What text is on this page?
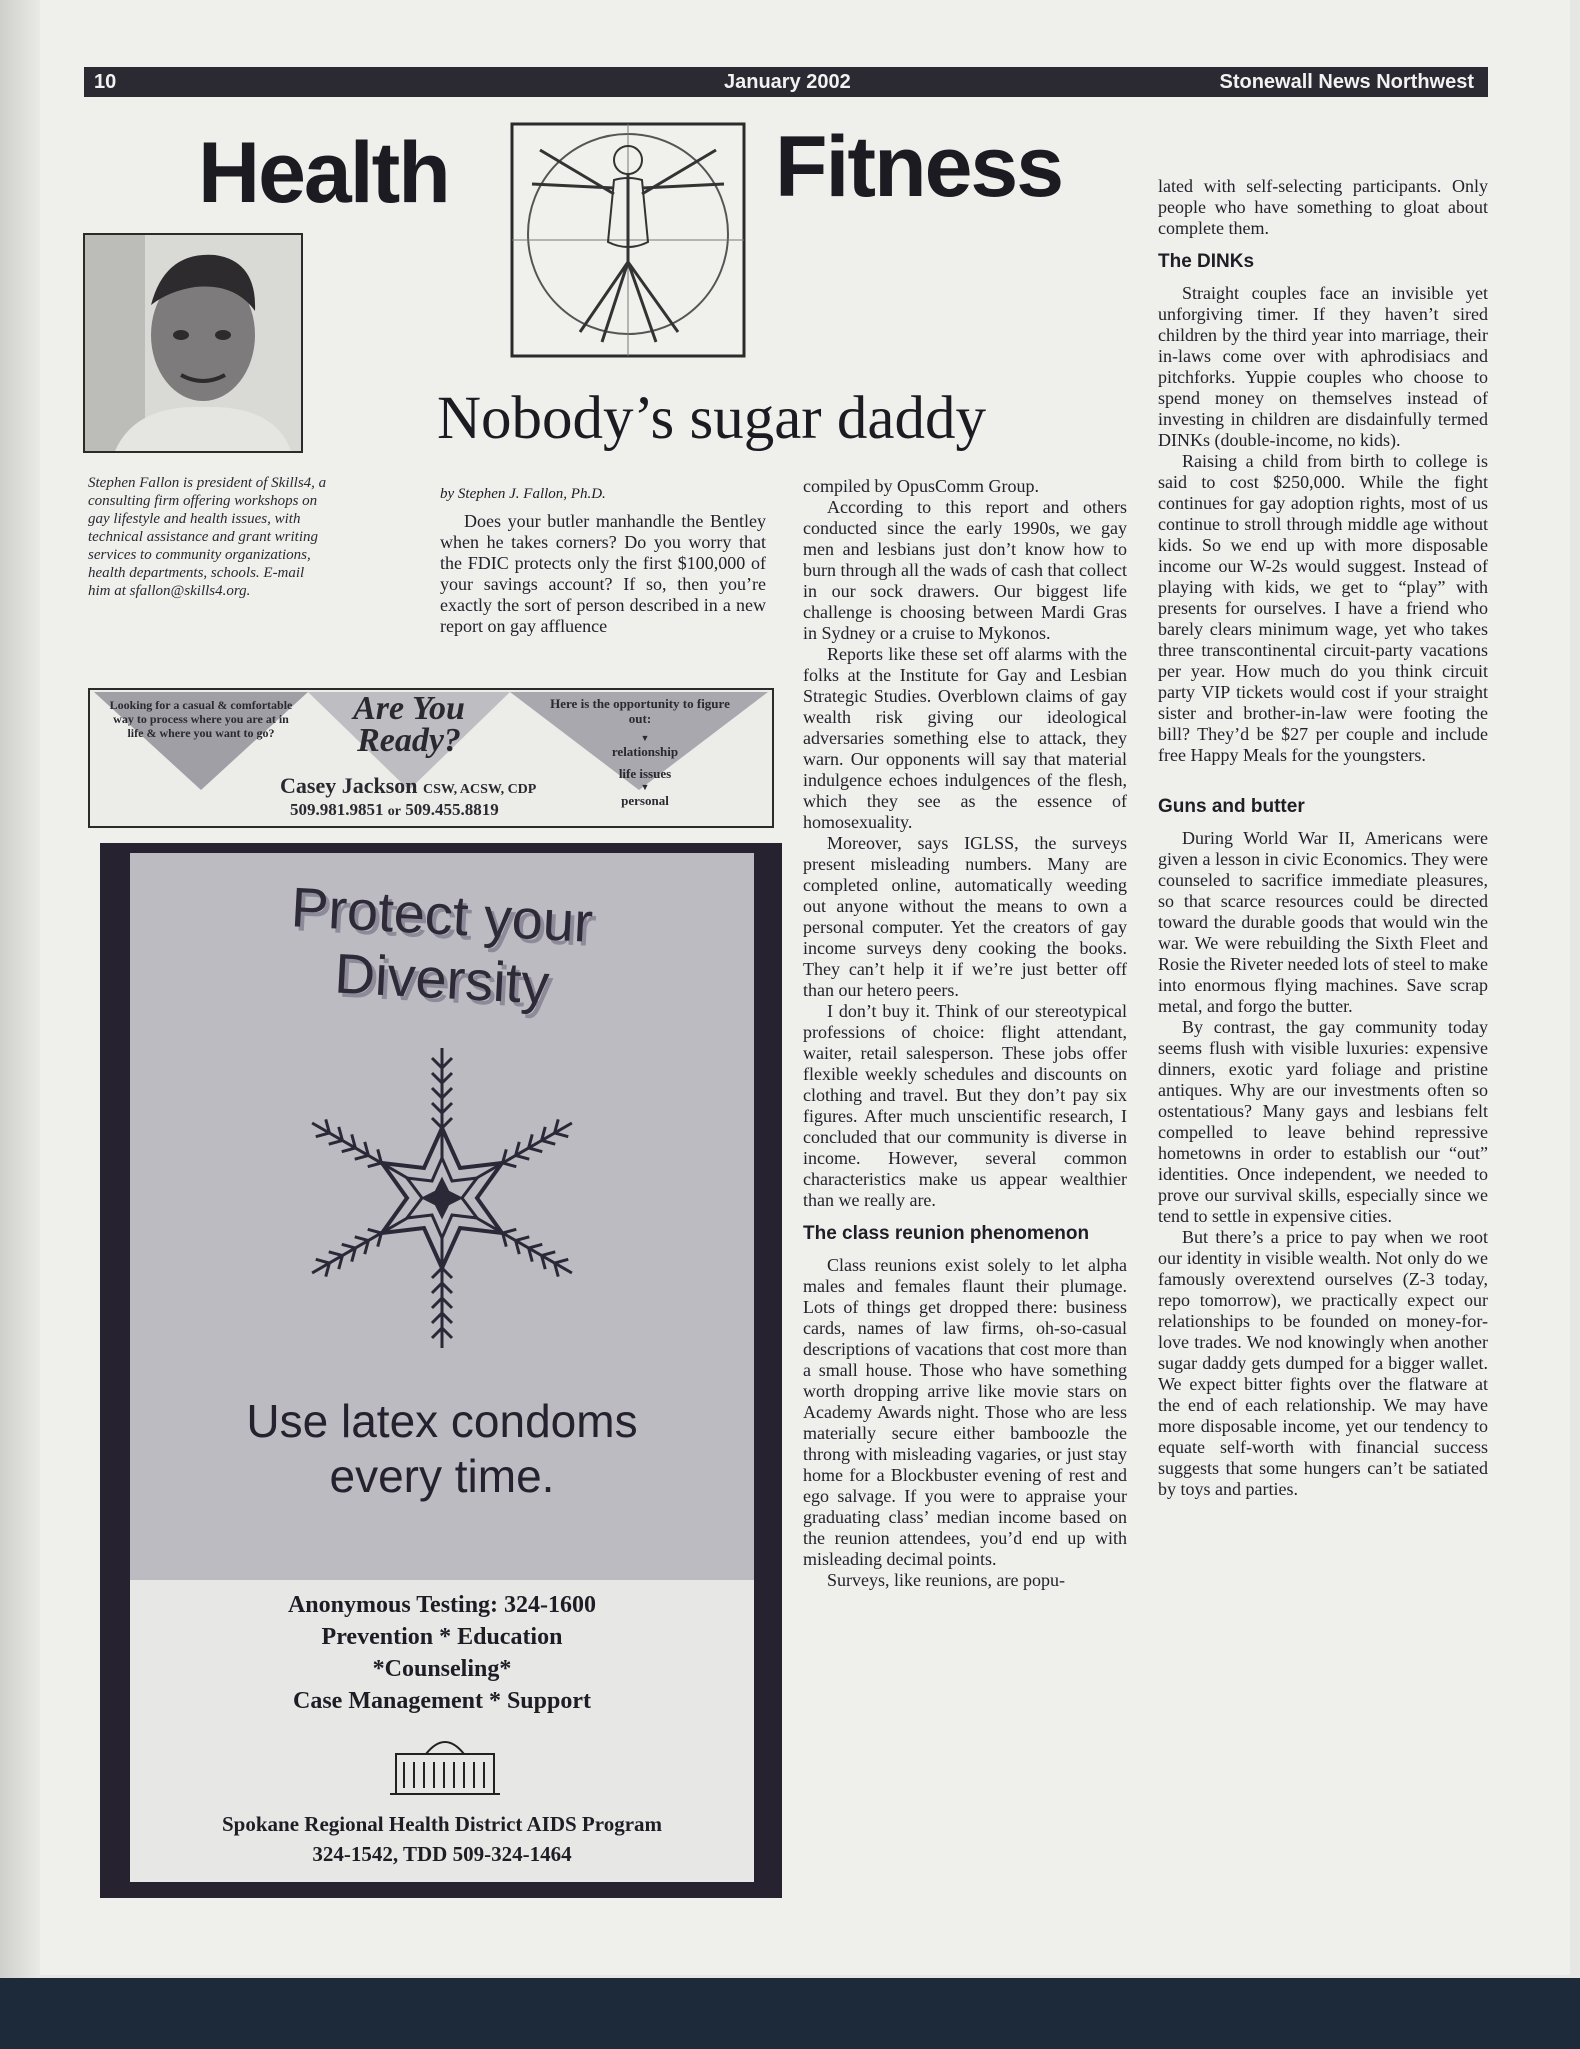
10	January 2002	Stonewall News Northwest
Health	Fitness
Stephen Fallon is president of Skills4, a consulting firm offering workshops on gay lifestyle and health issues, with technical assistance and grant writing services to community organizations, health departments, schools. E-mail him at sfallon@skills4.org.
Nobody’s sugar daddy
by Stephen J. Fallon, Ph.D.

Does your butler manhandle the Bentley when he takes corners? Do you worry that the FDIC protects only the first $100,000 of your savings account? If so, then you’re exactly the sort of person described in a new report on gay affluence

compiled by OpusComm Group.

According to this report and others conducted since the early 1990s, we gay men and lesbians just don’t know how to burn through all the wads of cash that collect in our sock drawers. Our biggest life challenge is choosing between Mardi Gras in Sydney or a cruise to Mykonos.

Reports like these set off alarms with the folks at the Institute for Gay and Lesbian Strategic Studies. Overblown claims of gay wealth risk giving our ideological adversaries something else to attack, they warn. Our opponents will say that material indulgence echoes indulgences of the flesh, which they see as the essence of homosexuality.

Moreover, says IGLSS, the surveys present misleading numbers. Many are completed online, automatically weeding out anyone without the means to own a personal computer. Yet the creators of gay income surveys deny cooking the books. They can’t help it if we’re just better off than our hetero peers.

I don’t buy it. Think of our stereotypical professions of choice: flight attendant, waiter, retail salesperson. These jobs offer flexible weekly schedules and discounts on clothing and travel. But they don’t pay six figures. After much unscientific research, I concluded that our community is diverse in income. However, several common characteristics make us appear wealthier than we really are.

The class reunion phenomenon

Class reunions exist solely to let alpha males and females flaunt their plumage. Lots of things get dropped there: business cards, names of law firms, oh-so-casual descriptions of vacations that cost more than a small house. Those who have something worth dropping arrive like movie stars on Academy Awards night. Those who are less materially secure either bamboozle the throng with misleading vagaries, or just stay home for a Blockbuster evening of rest and ego salvage. If you were to appraise your graduating class’ median income based on the reunion attendees, you’d end up with misleading decimal points.

Surveys, like reunions, are popu-

lated with self-selecting participants. Only people who have something to gloat about complete them.

The DINKs

Straight couples face an invisible yet unforgiving timer. If they haven’t sired children by the third year into marriage, their in-laws come over with aphrodisiacs and pitchforks. Yuppie couples who choose to spend money on themselves instead of investing in children are disdainfully termed DINKs (double-income, no kids).

Raising a child from birth to college is said to cost $250,000. While the fight continues for gay adoption rights, most of us continue to stroll through middle age without kids. So we end up with more disposable income our W-2s would suggest. Instead of playing with kids, we get to “play” with presents for ourselves. I have a friend who barely clears minimum wage, yet who takes three transcontinental circuit-party vacations per year. How much do you think circuit party VIP tickets would cost if your straight sister and brother-in-law were footing the bill? They’d be $27 per couple and include free Happy Meals for the youngsters.

Guns and butter

During World War II, Americans were given a lesson in civic Economics. They were counseled to sacrifice immediate pleasures, so that scarce resources could be directed toward the durable goods that would win the war. We were rebuilding the Sixth Fleet and Rosie the Riveter needed lots of steel to make into enormous flying machines. Save scrap metal, and forgo the butter.

By contrast, the gay community today seems flush with visible luxuries: expensive dinners, exotic yard foliage and pristine antiques. Why are our investments often so ostentatious? Many gays and lesbians felt compelled to leave behind repressive hometowns in order to establish our “out” identities. Once independent, we needed to prove our survival skills, especially since we tend to settle in expensive cities.

But there’s a price to pay when we root our identity in visible wealth. Not only do we famously overextend ourselves (Z-3 today, repo tomorrow), we practically expect our relationships to be founded on money-for-love trades. We nod knowingly when another sugar daddy gets dumped for a bigger wallet. We expect bitter fights over the flatware at the end of each relationship. We may have more disposable income, yet our tendency to equate self-worth with financial success suggests that some hungers can’t be satiated by toys and parties.

Looking for a casual & comfortable way to process where you are at in life & where you want to go?
Are You
Ready?
Here is the opportunity to figure out:
▼
relationship
life issues
▼
personal
Casey Jackson CSW, ACSW, CDP
509.981.9851 or 509.455.8819
Protect your
Diversity
Use latex condoms
every time.
Anonymous Testing: 324-1600
Prevention * Education
*Counseling*
Case Management * Support
Spokane Regional Health District AIDS Program
324-1542, TDD 509-324-1464
